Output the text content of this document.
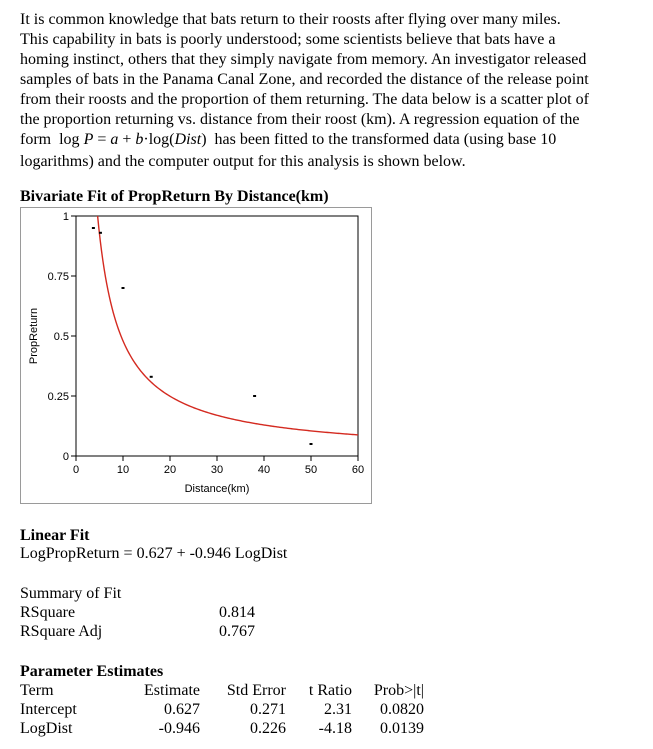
It is common knowledge that bats return to their roosts after flying over many miles.
This capability in bats is poorly understood; some scientists believe that bats have a
homing instinct, others that they simply navigate from memory. An investigator released
samples of bats in the Panama Canal Zone, and recorded the distance of the release point
from their roosts and the proportion of them returning. The data below is a scatter plot of
the proportion returning vs. distance from their roost (km). A regression equation of the
form log P = a + b·log(Dist) has been fitted to the transformed data (using base 10
logarithms) and the computer output for this analysis is shown below.
Bivariate Fit of PropReturn By Distance(km)
0
0.25
0.5
0.75
1
0	10	20	30	40	50	60
Distance(km)
PropReturn
Linear Fit
LogPropReturn = 0.627 + -0.946 LogDist
Summary of Fit
RSquare	0.814
RSquare Adj	0.767
Parameter Estimates
Term	Estimate	Std Error	t Ratio	Prob>|t|
Intercept	0.627	0.271	2.31	0.0820
LogDist	-0.946	0.226	-4.18	0.0139
